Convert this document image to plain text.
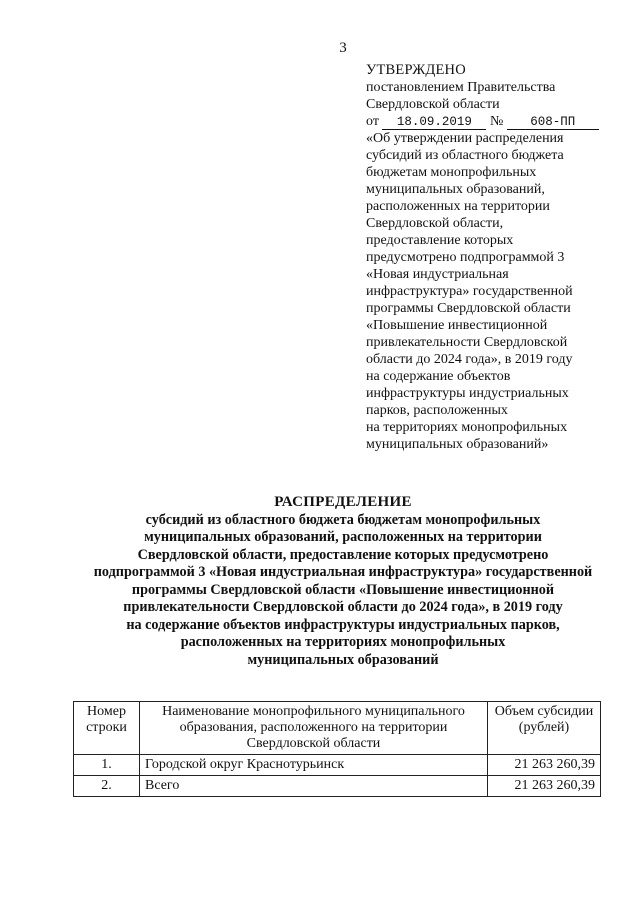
3
УТВЕРЖДЕНО
постановлением Правительства
Свердловской области
от 18.09.2019 № 608-ПП
«Об утверждении распределения
субсидий из областного бюджета
бюджетам монопрофильных
муниципальных образований,
расположенных на территории
Свердловской области,
предоставление которых
предусмотрено подпрограммой 3
«Новая индустриальная
инфраструктура» государственной
программы Свердловской области
«Повышение инвестиционной
привлекательности Свердловской
области до 2024 года», в 2019 году
на содержание объектов
инфраструктуры индустриальных
парков, расположенных
на территориях монопрофильных
муниципальных образований»
РАСПРЕДЕЛЕНИЕ
субсидий из областного бюджета бюджетам монопрофильных
муниципальных образований, расположенных на территории
Свердловской области, предоставление которых предусмотрено
подпрограммой 3 «Новая индустриальная инфраструктура» государственной
программы Свердловской области «Повышение инвестиционной
привлекательности Свердловской области до 2024 года», в 2019 году
на содержание объектов инфраструктуры индустриальных парков,
расположенных на территориях монопрофильных
муниципальных образований
Номер строки	Наименование монопрофильного муниципального образования, расположенного на территории Свердловской области	Объем субсидии (рублей)
1.	Городской округ Краснотурьинск	21 263 260,39
2.	Всего	21 263 260,39
